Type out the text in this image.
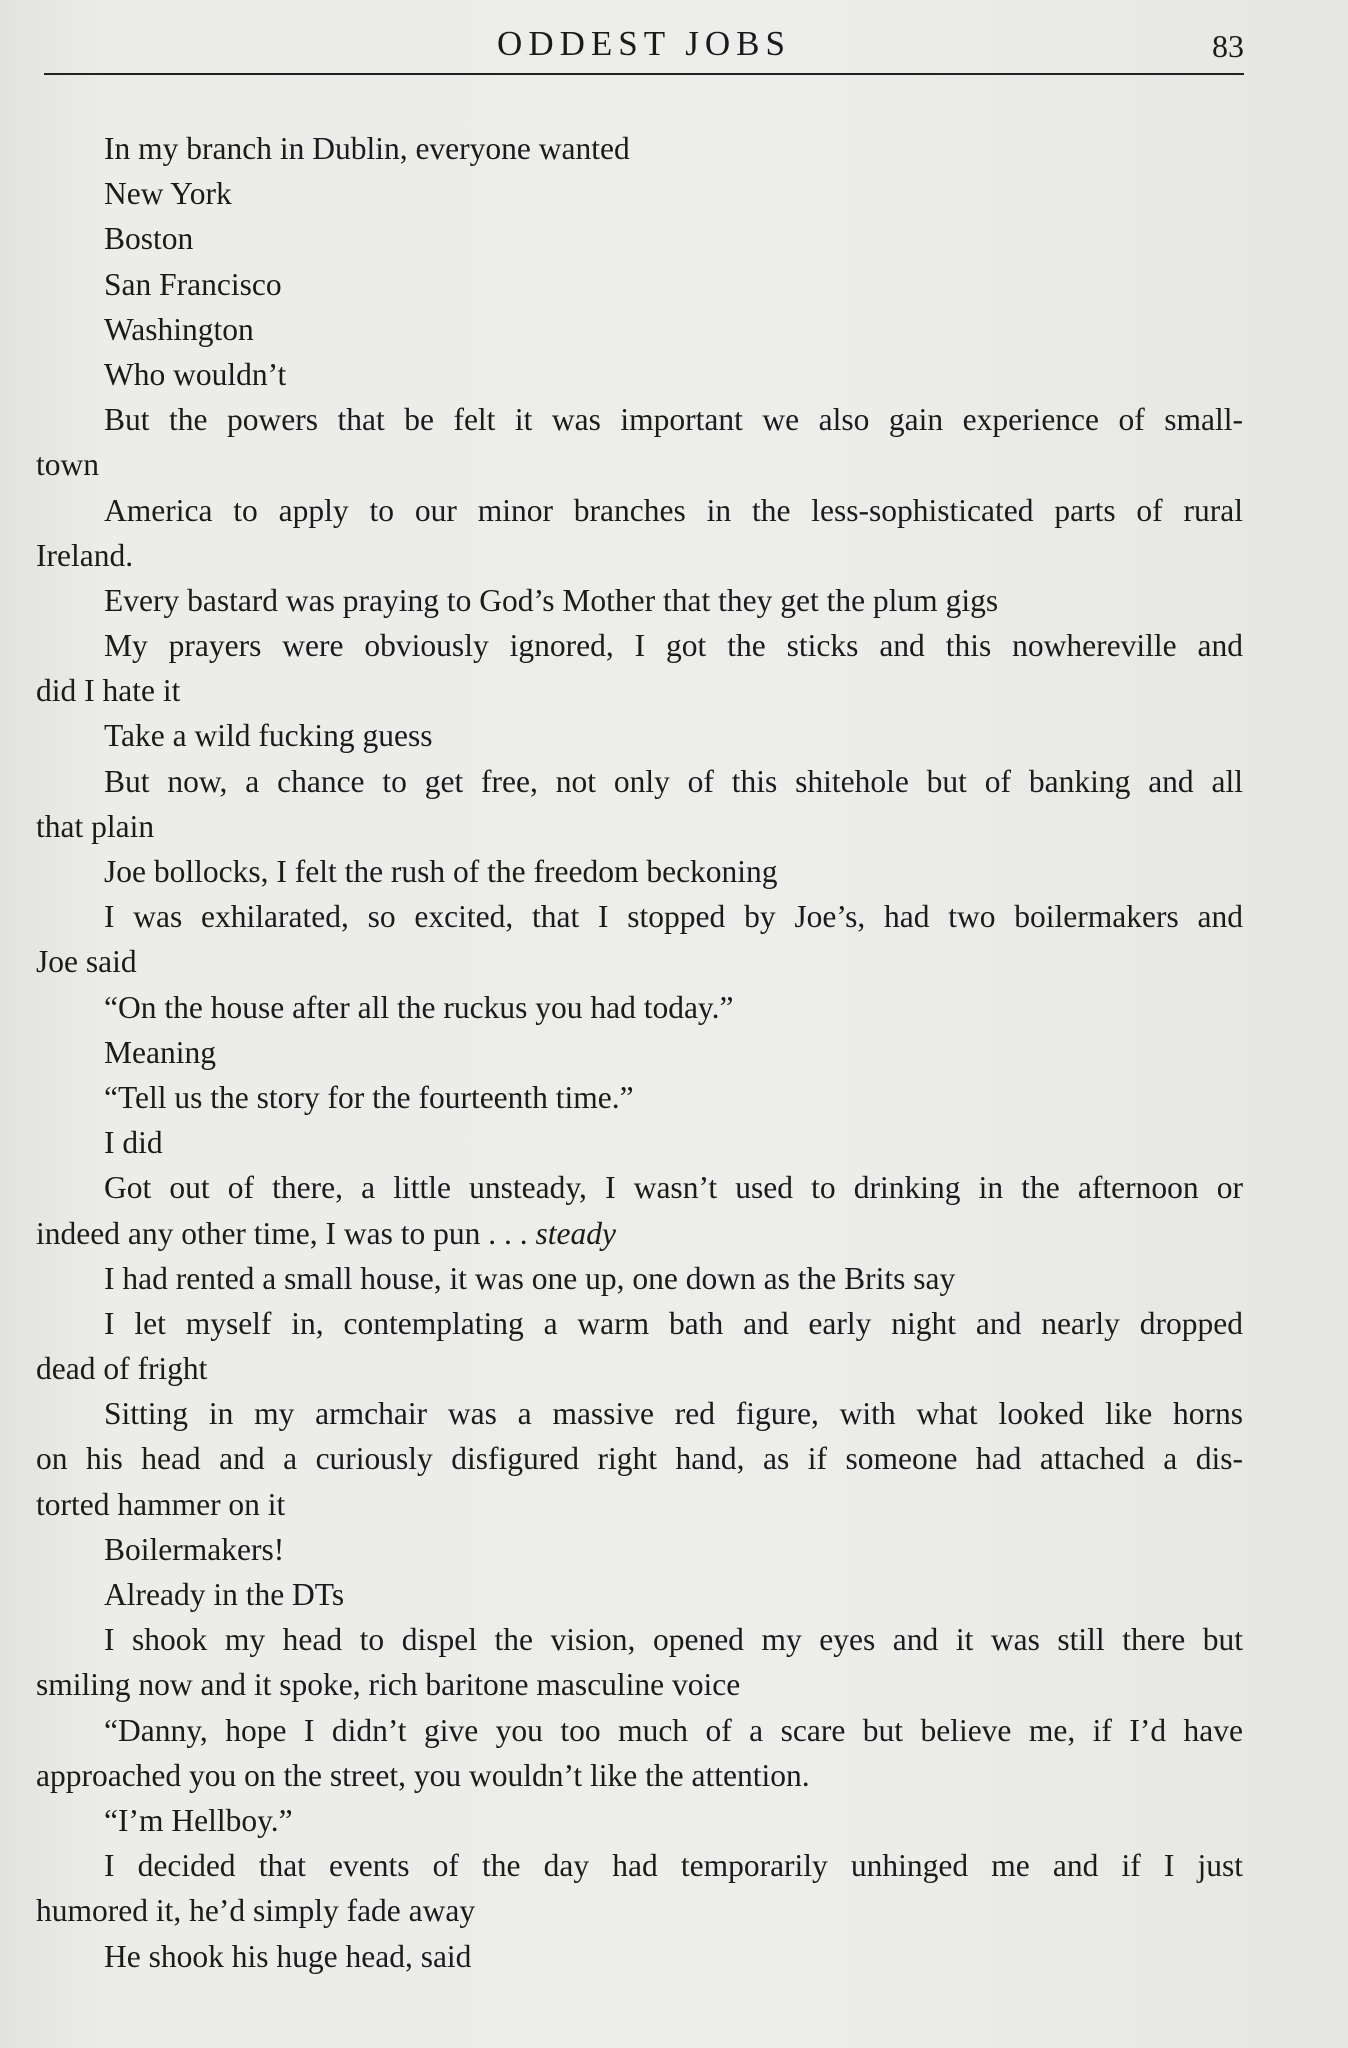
ODDEST JOBS	83
In my branch in Dublin, everyone wanted
New York
Boston
San Francisco
Washington
Who wouldn’t
But the powers that be felt it was important we also gain experience of small-
town
America to apply to our minor branches in the less-sophisticated parts of rural
Ireland.
Every bastard was praying to God’s Mother that they get the plum gigs
My prayers were obviously ignored, I got the sticks and this nowhereville and
did I hate it
Take a wild fucking guess
But now, a chance to get free, not only of this shitehole but of banking and all
that plain
Joe bollocks, I felt the rush of the freedom beckoning
I was exhilarated, so excited, that I stopped by Joe’s, had two boilermakers and
Joe said
“On the house after all the ruckus you had today.”
Meaning
“Tell us the story for the fourteenth time.”
I did
Got out of there, a little unsteady, I wasn’t used to drinking in the afternoon or
indeed any other time, I was to pun . . . steady
I had rented a small house, it was one up, one down as the Brits say
I let myself in, contemplating a warm bath and early night and nearly dropped
dead of fright
Sitting in my armchair was a massive red figure, with what looked like horns
on his head and a curiously disfigured right hand, as if someone had attached a dis-
torted hammer on it
Boilermakers!
Already in the DTs
I shook my head to dispel the vision, opened my eyes and it was still there but
smiling now and it spoke, rich baritone masculine voice
“Danny, hope I didn’t give you too much of a scare but believe me, if I’d have
approached you on the street, you wouldn’t like the attention.
“I’m Hellboy.”
I decided that events of the day had temporarily unhinged me and if I just
humored it, he’d simply fade away
He shook his huge head, said
